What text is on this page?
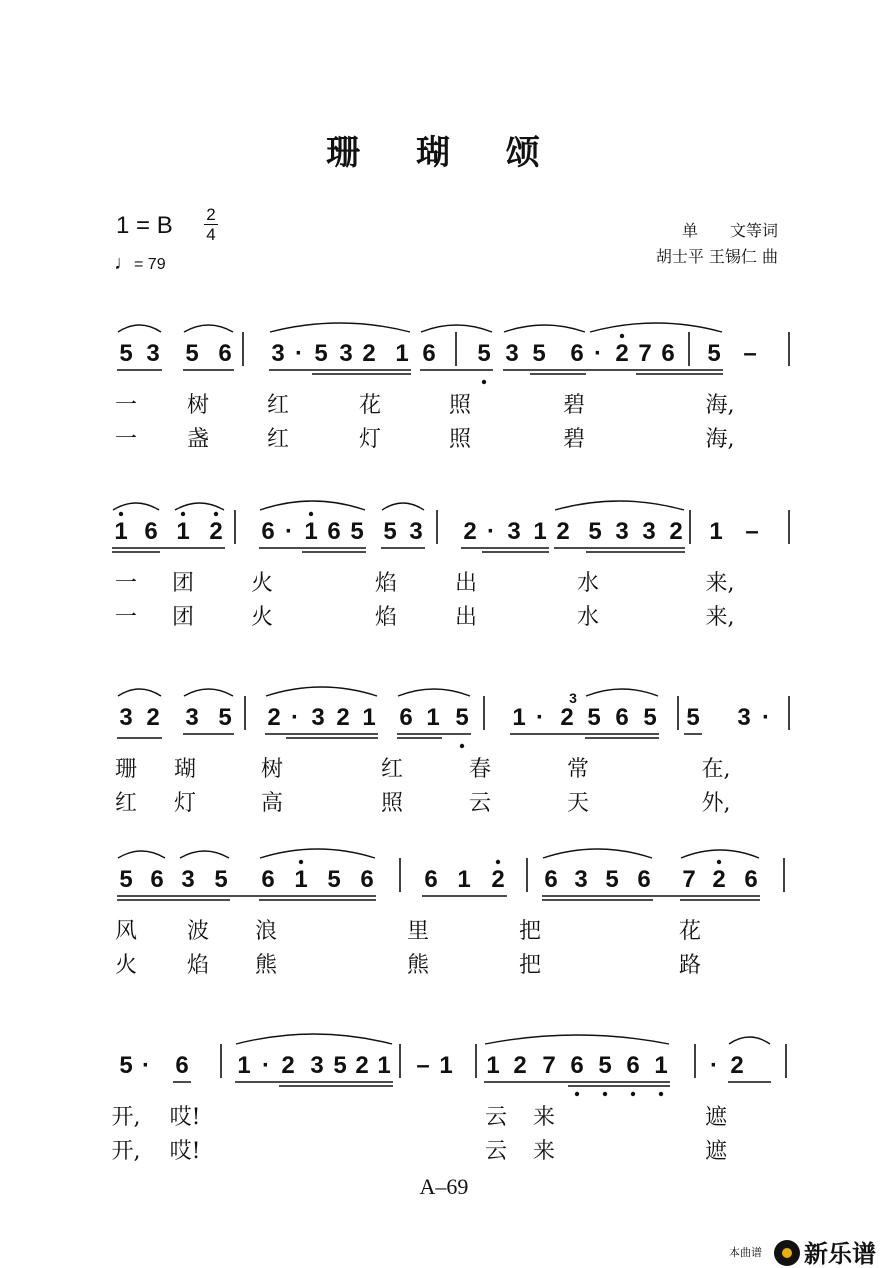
珊 瑚 颂
1 = B 2
4
♩= 79
单　　文等词
胡士平 王锡仁 曲
5 3 5 6 3 · 5 3 2 1 6 5 3 5 6 · 2 7 6 5 –
一 树	红	花	照	碧	海,
一 盏	红	灯	照	碧	海,
1 6 1 2 6 · 1 6 5 5 3 2 · 3 1 2 5 3 3 2 1 –
一 团	火	焰	出	水	来,
一 团	火	焰	出	水	来,
3 2 3 5 2 · 3 2 1 6 1 5 1 · 2 5 6 5 5 3 ·
3
珊 瑚	树	红	春	常	在,
红 灯	高	照	云	天	外,
5 6 3 5 6 1 5 6 6 1 2 6 3 5 6 7 2 6
风 波 浪	里	把	花
火 焰 熊	熊	把	路
5 · 6 1 · 2 3 5 2 1 – 1 1 2 7 6 5 6 1 · 2
开, 哎!	云 来	遮
开, 哎!	云 来	遮
A–69
本曲谱	新乐谱
